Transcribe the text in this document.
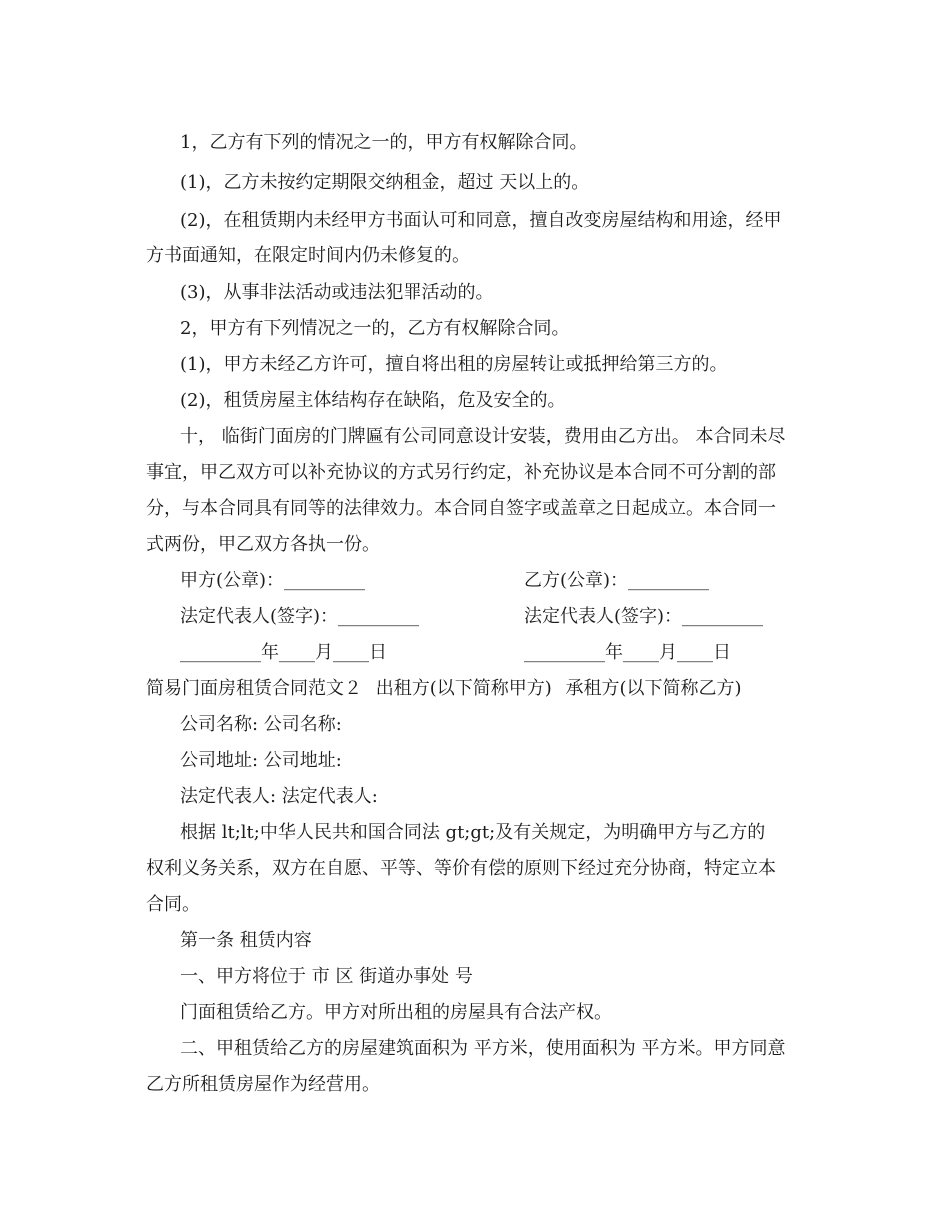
1，乙方有下列的情况之一的，甲方有权解除合同。
(1)，乙方未按约定期限交纳租金，超过 天以上的。
(2)，在租赁期内未经甲方书面认可和同意，擅自改变房屋结构和用途，经甲
方书面通知，在限定时间内仍未修复的。
(3)，从事非法活动或违法犯罪活动的。
2，甲方有下列情况之一的，乙方有权解除合同。
(1)，甲方未经乙方许可，擅自将出租的房屋转让或抵押给第三方的。
(2)，租赁房屋主体结构存在缺陷，危及安全的。
十， 临街门面房的门牌匾有公司同意设计安装，费用由乙方出。 本合同未尽
事宜，甲乙双方可以补充协议的方式另行约定，补充协议是本合同不可分割的部
分，与本合同具有同等的法律效力。本合同自签字或盖章之日起成立。本合同一
式两份，甲乙双方各执一份。
甲方(公章)：_________	乙方(公章)：_________
法定代表人(签字)：_________	法定代表人(签字)：_________
_________年____月____日	_________年____月____日
简易门面房租赁合同范文２ 出租方(以下简称甲方) 承租方(以下简称乙方)
公司名称: 公司名称:
公司地址: 公司地址:
法定代表人: 法定代表人:
根据 lt;lt;中华人民共和国合同法 gt;gt;及有关规定，为明确甲方与乙方的
权利义务关系，双方在自愿、平等、等价有偿的原则下经过充分协商，特定立本
合同。
第一条 租赁内容
一、甲方将位于 市 区 街道办事处 号
门面租赁给乙方。甲方对所出租的房屋具有合法产权。
二、甲租赁给乙方的房屋建筑面积为 平方米，使用面积为 平方米。甲方同意
乙方所租赁房屋作为经营用。
